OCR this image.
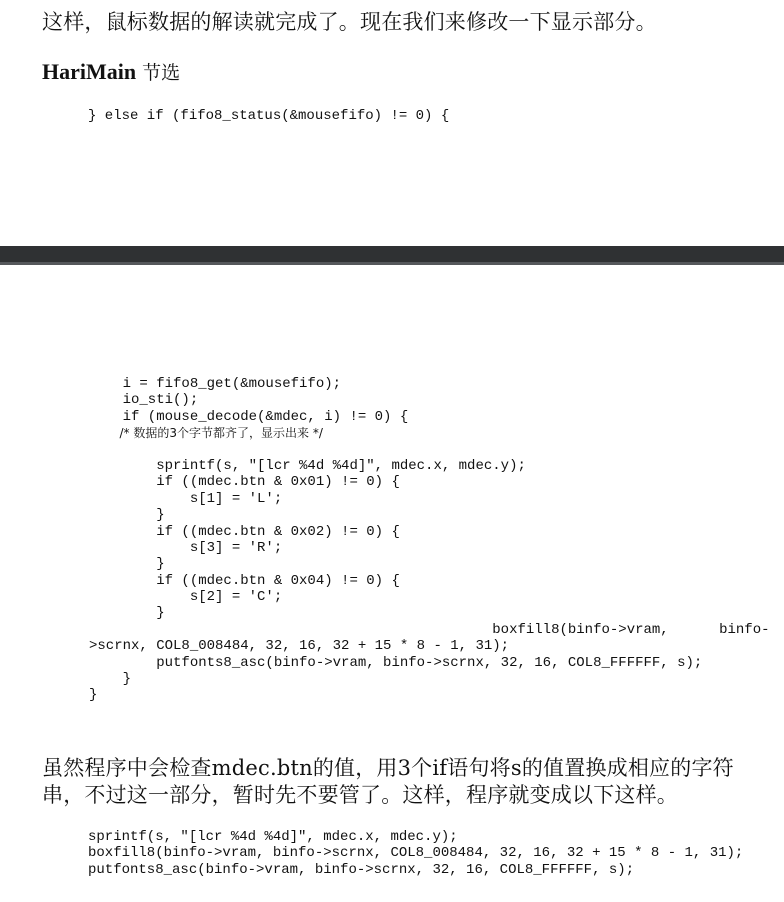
这样，鼠标数据的解读就完成了。现在我们来修改一下显示部分。

HariMain 节选
} else if (fifo8_status(&mousefifo) != 0) {
i = fifo8_get(&mousefifo);
io_sti();
if (mouse_decode(&mdec, i) != 0) {
/* 数据的3个字节都齐了，显示出来 */
sprintf(s, "[lcr %4d %4d]", mdec.x, mdec.y);
if ((mdec.btn & 0x01) != 0) {
s[1] = 'L';
}
if ((mdec.btn & 0x02) != 0) {
s[3] = 'R';
}
if ((mdec.btn & 0x04) != 0) {
s[2] = 'C';
}
boxfill8(binfo->vram,      binfo-
>scrnx, COL8_008484, 32, 16, 32 + 15 * 8 - 1, 31);
putfonts8_asc(binfo->vram, binfo->scrnx, 32, 16, COL8_FFFFFF, s);
}
}

虽然程序中会检查mdec.btn的值，用3个if语句将s的值置换成相应的字符

串，不过这一部分，暂时先不要管了。这样，程序就变成以下这样。

sprintf(s, "[lcr %4d %4d]", mdec.x, mdec.y);
boxfill8(binfo->vram, binfo->scrnx, COL8_008484, 32, 16, 32 + 15 * 8 - 1, 31);
putfonts8_asc(binfo->vram, binfo->scrnx, 32, 16, COL8_FFFFFF, s);
